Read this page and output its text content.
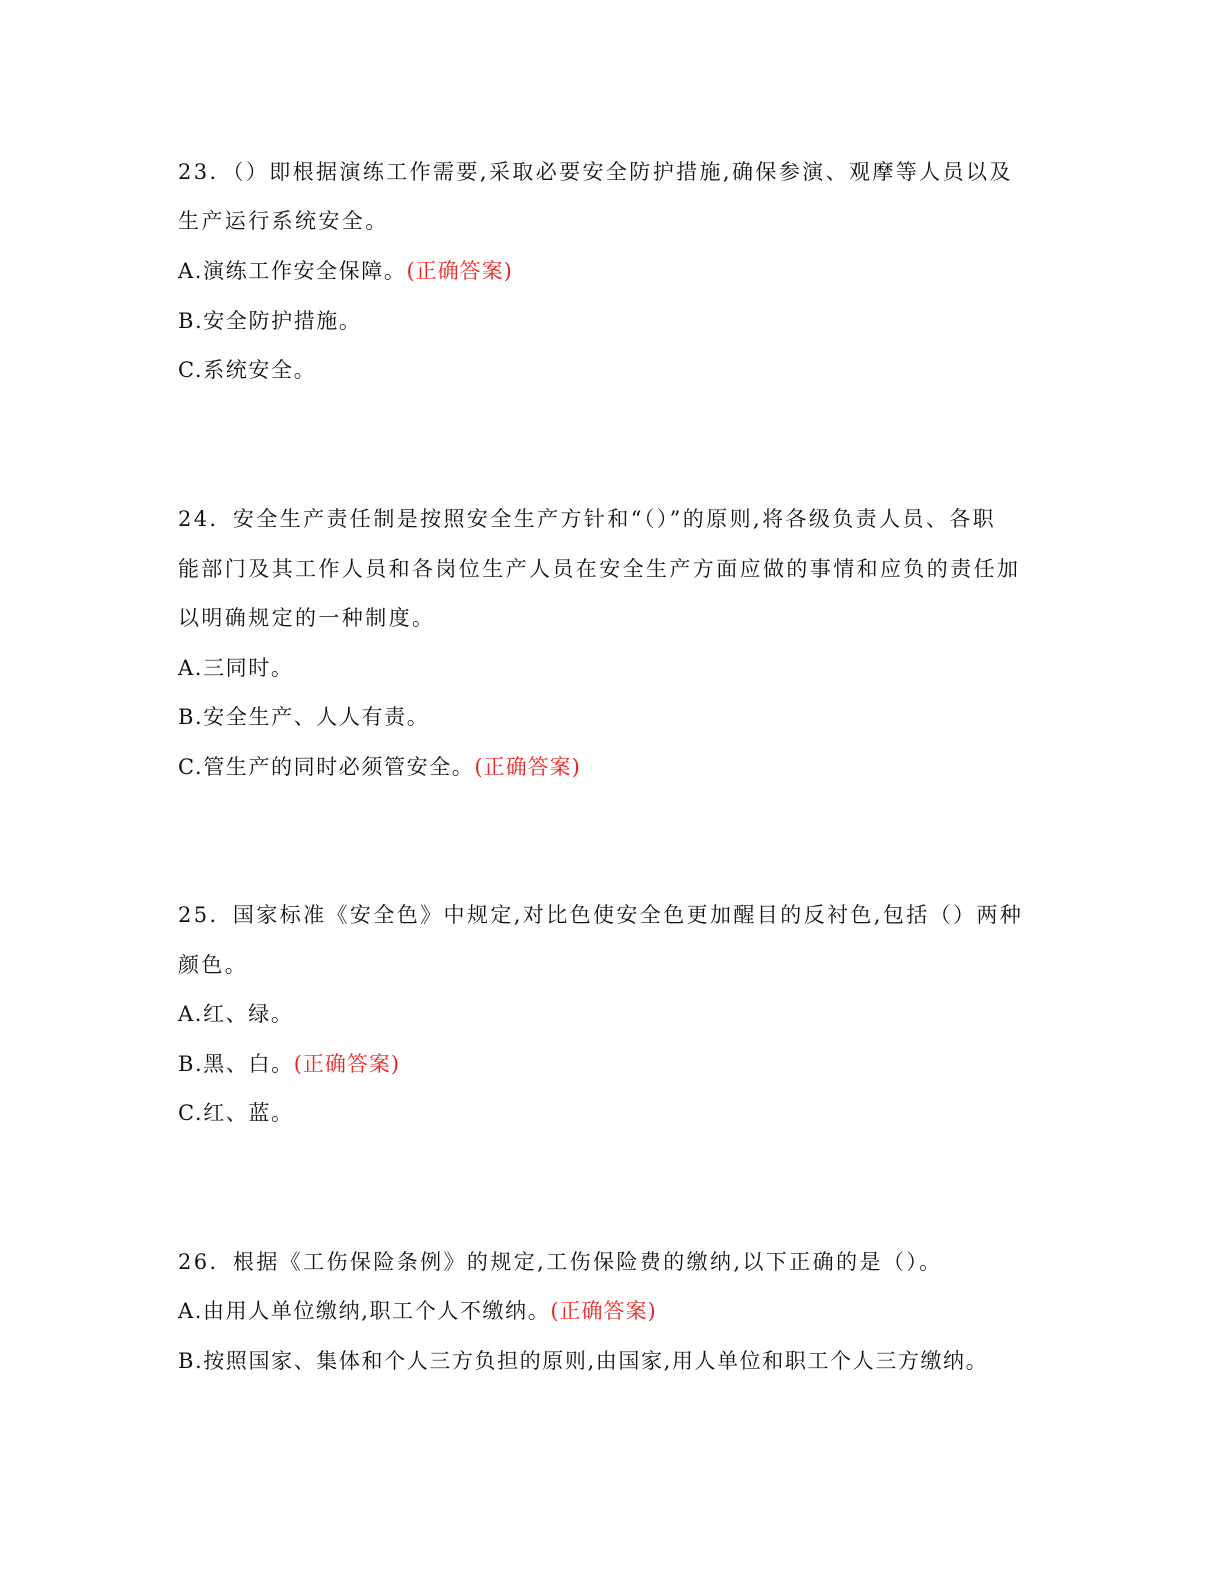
23．（）即根据演练工作需要,采取必要安全防护措施,确保参演、观摩等人员以及
生产运行系统安全。
A.演练工作安全保障。(正确答案)
B.安全防护措施。
C.系统安全。
24．安全生产责任制是按照安全生产方针和“（）”的原则,将各级负责人员、各职
能部门及其工作人员和各岗位生产人员在安全生产方面应做的事情和应负的责任加
以明确规定的一种制度。
A.三同时。
B.安全生产、人人有责。
C.管生产的同时必须管安全。(正确答案)
25．国家标准《安全色》中规定,对比色使安全色更加醒目的反衬色,包括（）两种
颜色。
A.红、绿。
B.黑、白。(正确答案)
C.红、蓝。
26．根据《工伤保险条例》的规定,工伤保险费的缴纳,以下正确的是（）。
A.由用人单位缴纳,职工个人不缴纳。(正确答案)
B.按照国家、集体和个人三方负担的原则,由国家,用人单位和职工个人三方缴纳。
